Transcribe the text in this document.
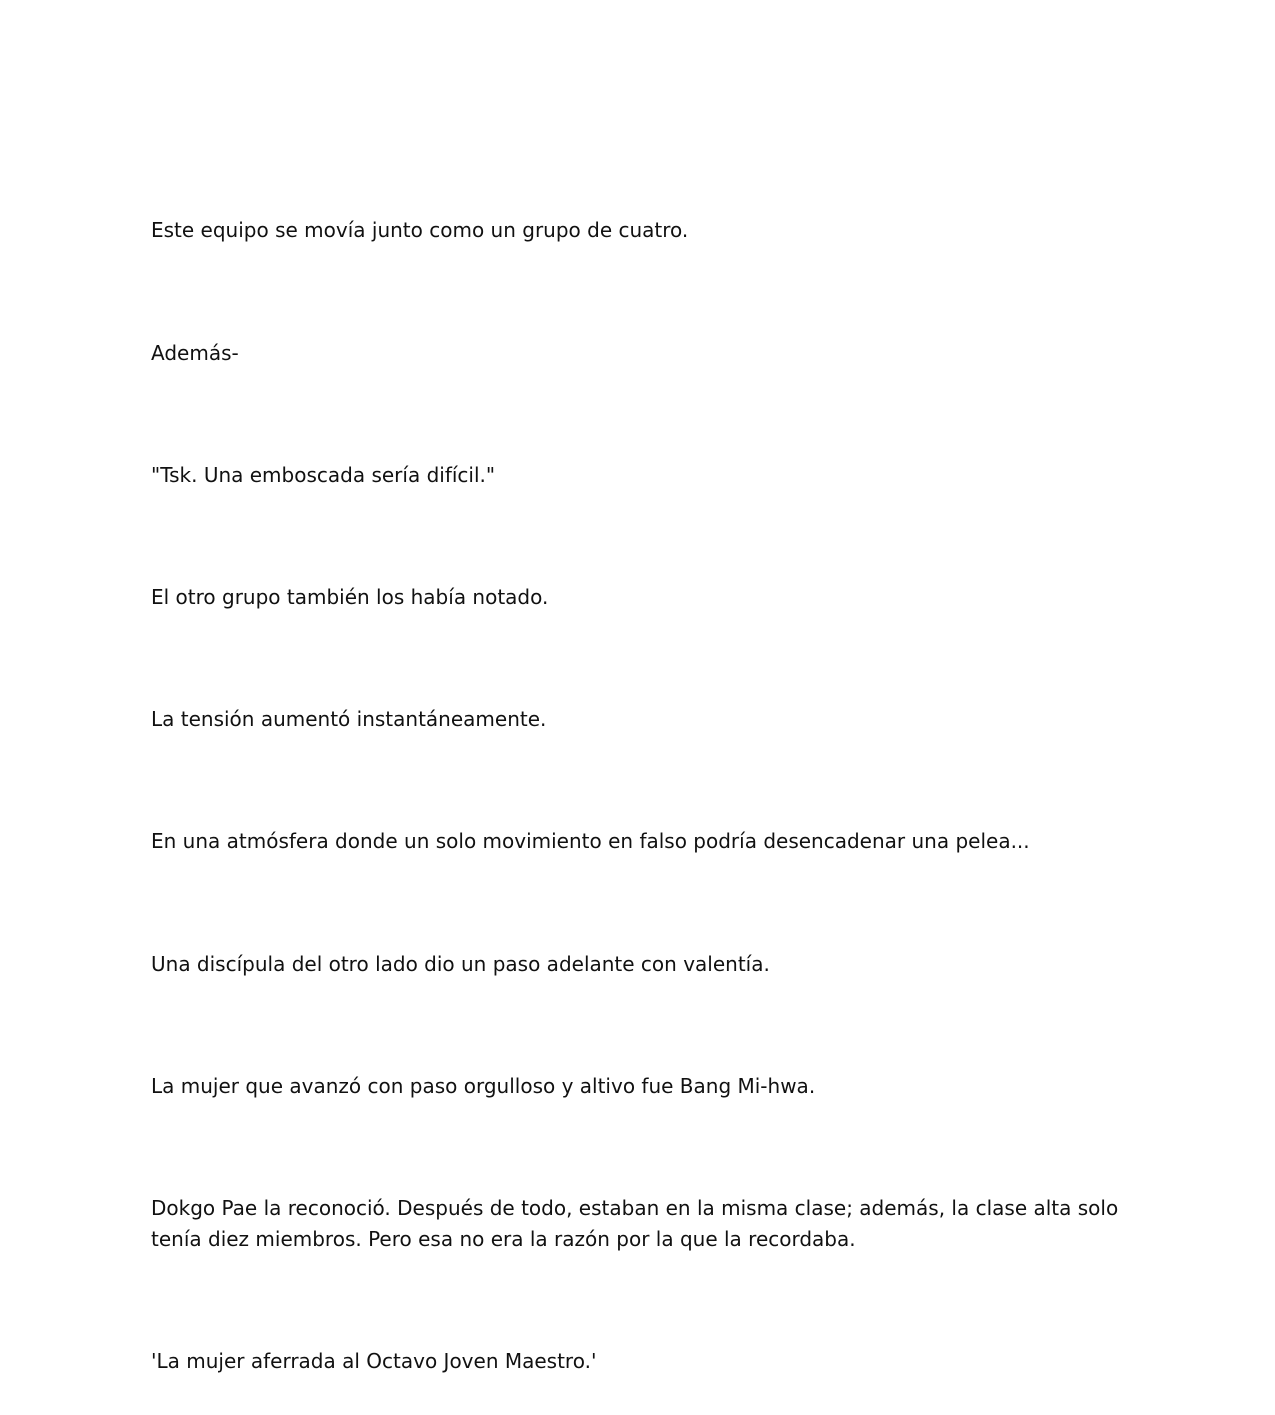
Este equipo se movía junto como un grupo de cuatro.

Además-

"Tsk. Una emboscada sería difícil."

El otro grupo también los había notado.

La tensión aumentó instantáneamente.

En una atmósfera donde un solo movimiento en falso podría desencadenar una pelea...

Una discípula del otro lado dio un paso adelante con valentía.

La mujer que avanzó con paso orgulloso y altivo fue Bang Mi-hwa.

Dokgo Pae la reconoció. Después de todo, estaban en la misma clase; además, la clase alta solo tenía diez miembros. Pero esa no era la razón por la que la recordaba.

'La mujer aferrada al Octavo Joven Maestro.'
